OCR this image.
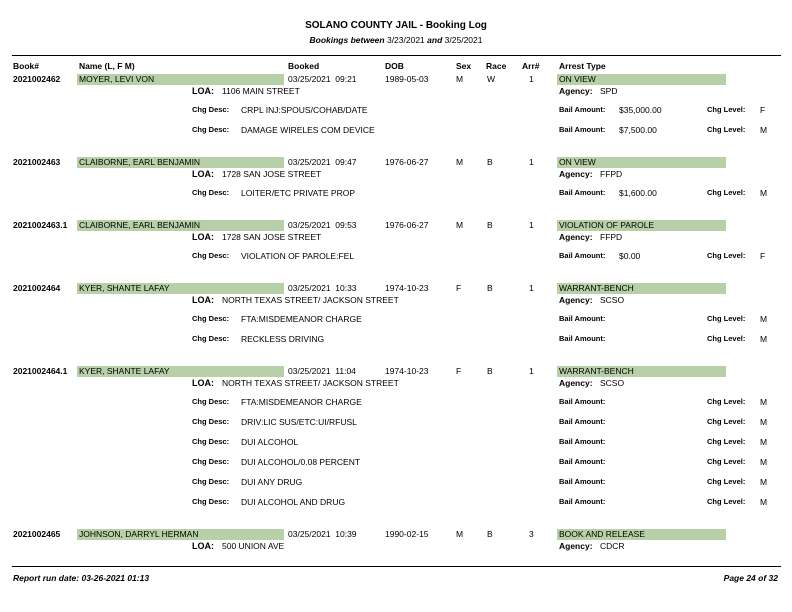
SOLANO COUNTY JAIL - Booking Log
Bookings between 3/23/2021 and 3/25/2021
Book#	Name (L, F M)	Booked	DOB	Sex Race Arr# Arrest Type
2021002462 MOYER, LEVI VON	03/25/2021  09:21	1989-05-03	M	W	1	ON VIEW
LOA: 1106 MAIN STREET	Agency: SPD
Chg Desc: CRPL INJ:SPOUS/COHAB/DATE	Bail Amount: $35,000.00	Chg Level: F
Chg Desc: DAMAGE WIRELES COM DEVICE	Bail Amount: $7,500.00	Chg Level: M
2021002463 CLAIBORNE, EARL BENJAMIN	03/25/2021  09:47	1976-06-27	M	B	1	ON VIEW
LOA: 1728 SAN JOSE STREET	Agency: FFPD
Chg Desc: LOITER/ETC PRIVATE PROP	Bail Amount: $1,600.00	Chg Level: M
2021002463.1 CLAIBORNE, EARL BENJAMIN	03/25/2021  09:53	1976-06-27	M	B	1	VIOLATION OF PAROLE
LOA: 1728 SAN JOSE STREET	Agency: FFPD
Chg Desc: VIOLATION OF PAROLE:FEL	Bail Amount: $0.00	Chg Level: F
2021002464 KYER, SHANTE LAFAY	03/25/2021  10:33	1974-10-23	F	B	1	WARRANT-BENCH
LOA: NORTH TEXAS STREET/ JACKSON STREET	Agency: SCSO
Chg Desc: FTA:MISDEMEANOR CHARGE	Bail Amount:	Chg Level: M
Chg Desc: RECKLESS DRIVING	Bail Amount:	Chg Level: M
2021002464.1 KYER, SHANTE LAFAY	03/25/2021  11:04	1974-10-23	F	B	1	WARRANT-BENCH
LOA: NORTH TEXAS STREET/ JACKSON STREET	Agency: SCSO
Chg Desc: FTA:MISDEMEANOR CHARGE	Bail Amount:	Chg Level: M
Chg Desc: DRIV:LIC SUS/ETC:UI/RFUSL	Bail Amount:	Chg Level: M
Chg Desc: DUI ALCOHOL	Bail Amount:	Chg Level: M
Chg Desc: DUI ALCOHOL/0.08 PERCENT	Bail Amount:	Chg Level: M
Chg Desc: DUI ANY DRUG	Bail Amount:	Chg Level: M
Chg Desc: DUI ALCOHOL AND DRUG	Bail Amount:	Chg Level: M
2021002465 JOHNSON, DARRYL HERMAN	03/25/2021  10:39	1990-02-15	M	B	3	BOOK AND RELEASE
LOA: 500 UNION AVE	Agency: CDCR
Report run date: 03-26-2021 01:13	Page 24 of 32
